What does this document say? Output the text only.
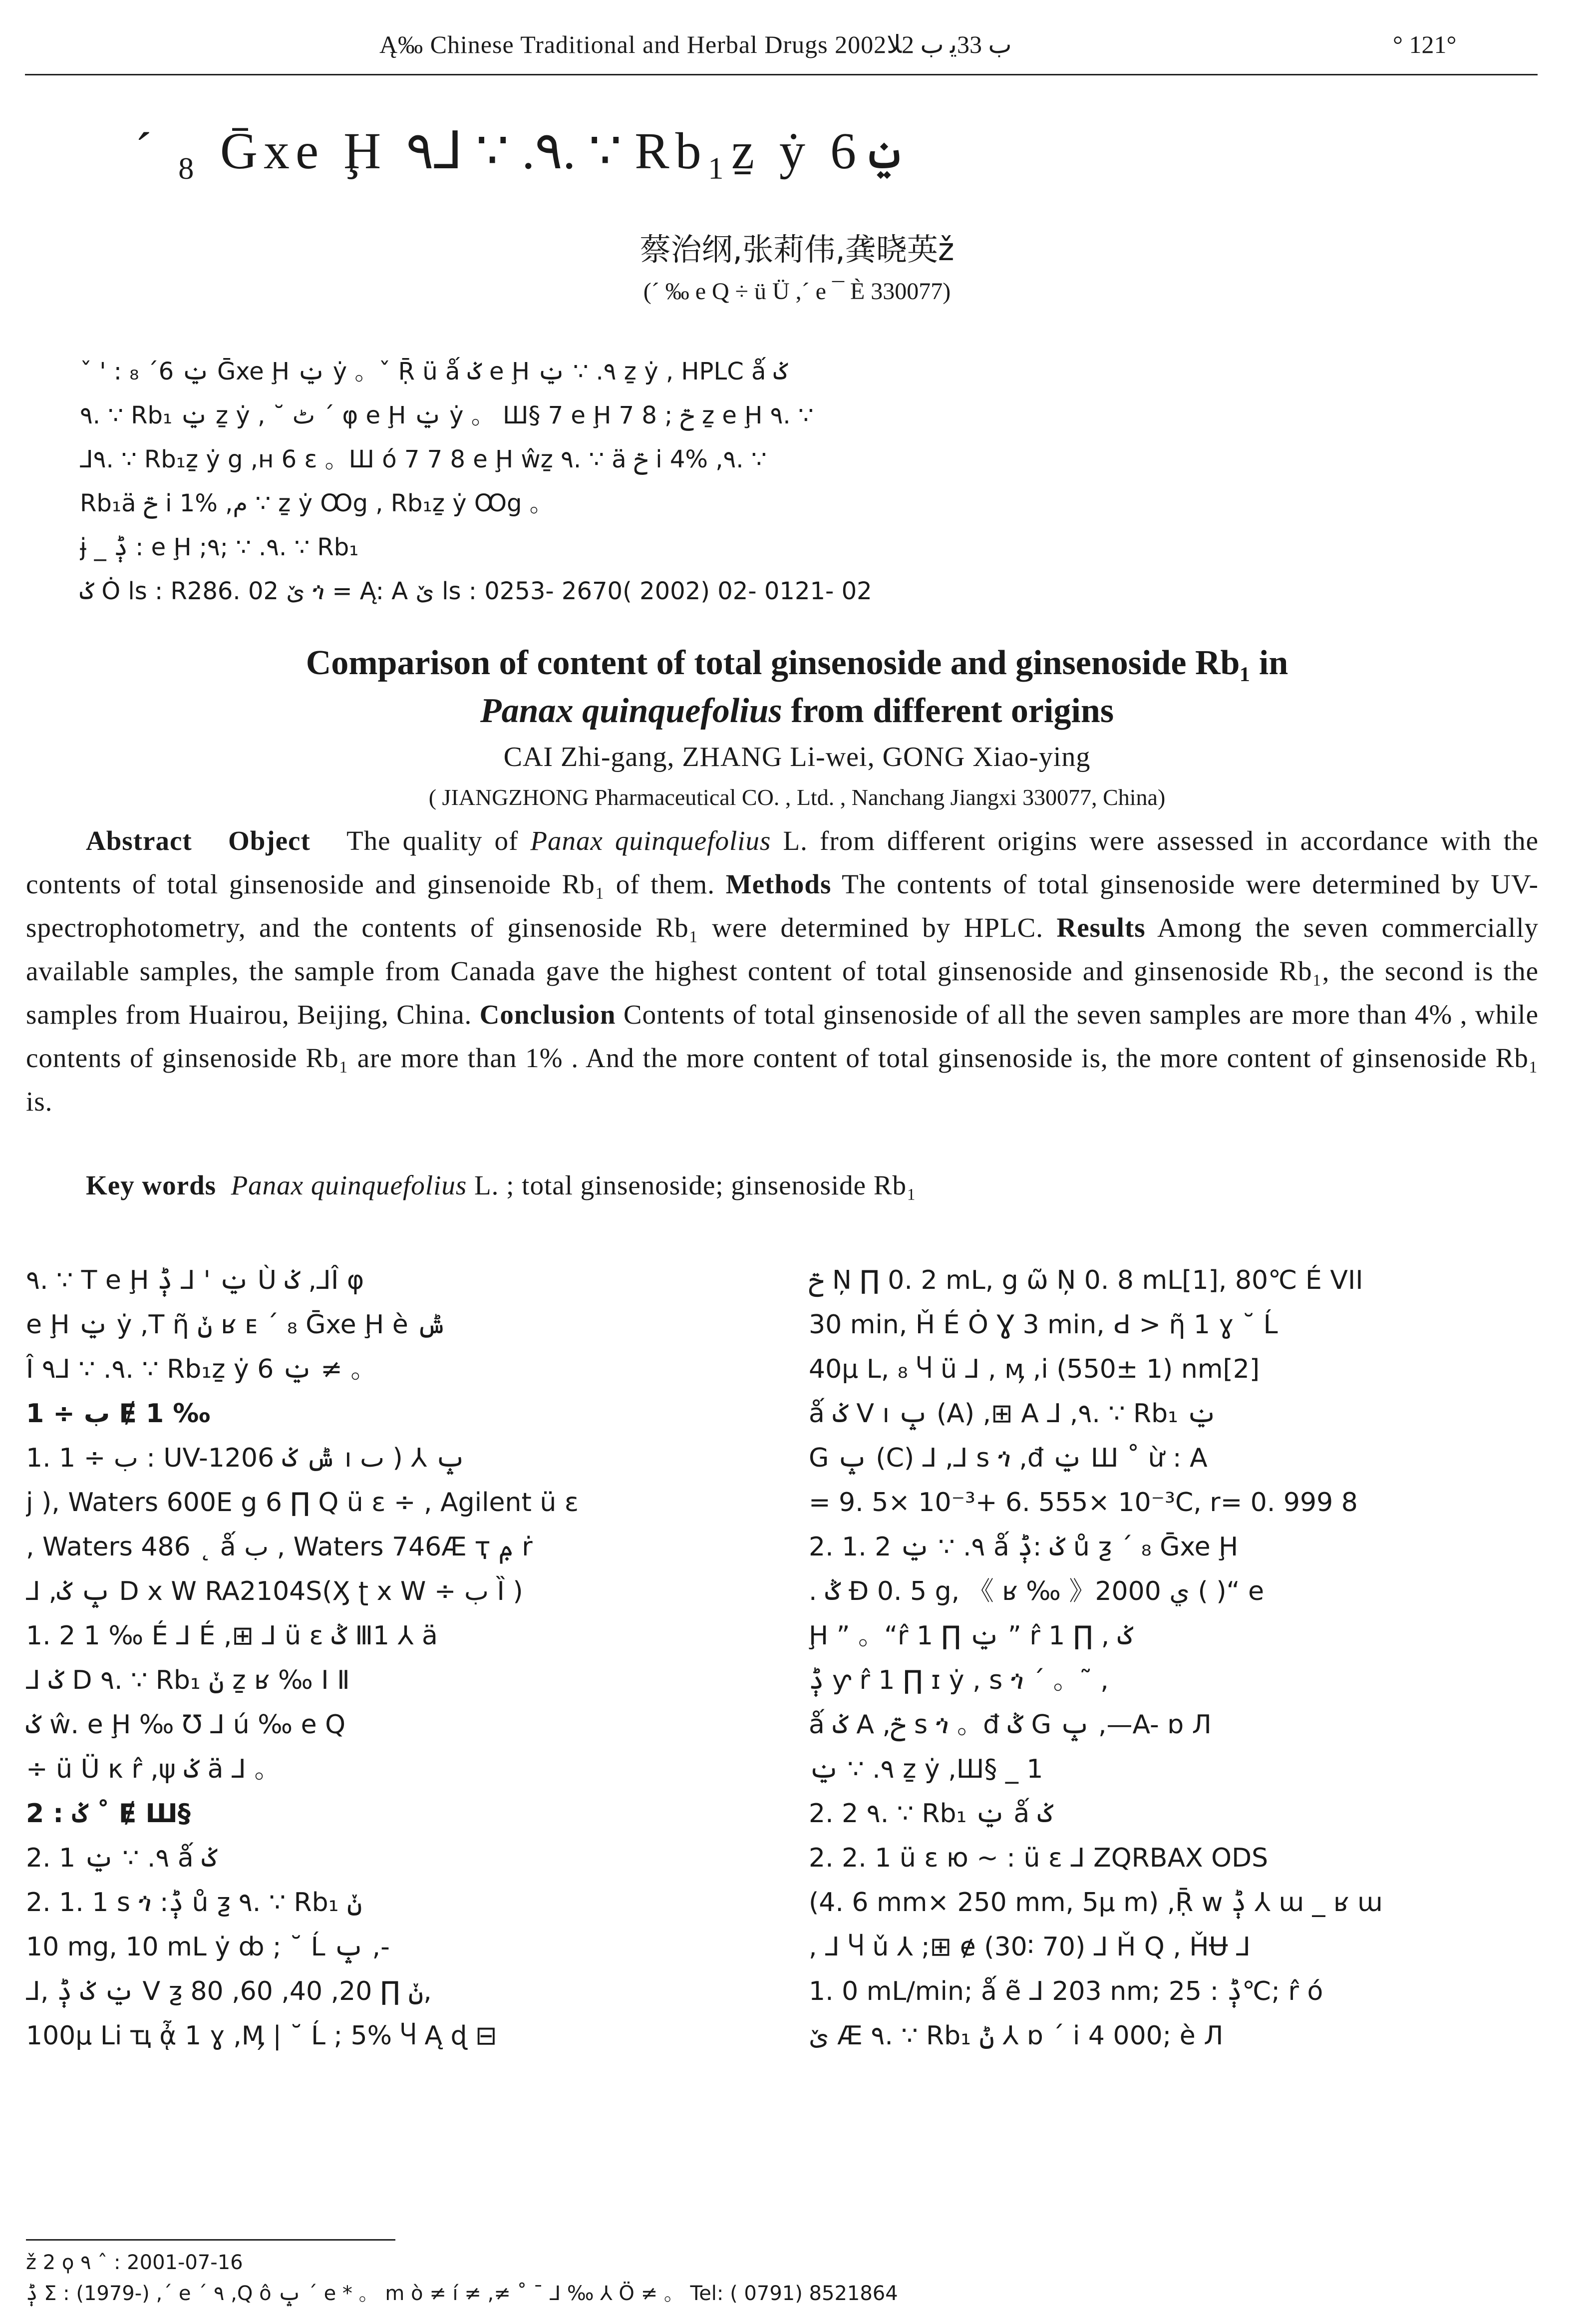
Ą‰ Chinese Traditional and Herbal Drugs 2002ب 33ﻳ ب 2ﻼ	° 121°
´ ₈ Ḡxe Ḩ ٩. ∵ ⅃٩. ∵ Rb₁ẕ ẏ ݔ 6
蔡治纲,张莉伟,龚晓英ž
(´ ‰ e Q ÷ ü Ü ,´ e ¯ È 330077)
ˇ ' : ݔ 6´ ₈ Ḡxe Ḩ ݔ ẏ 。ˇ Ṝ ü ǻ ݢ e Ḩ ٩. ∵ ݔ ẕ ẏ , HPLC ǻ ݢ
٩. ∵ Rb₁ ݔ ẕ ẏ , ˘ ٹ ´ φ e Ḩ ݔ ẏ 。 Ш§ 7 e Ḩ 7 8 ; ݗ ẕ e Ḩ ٩. ∵
⅃٩. ∵ Rb₁ẕ ẏ g ,ʜ 6 ɛ 。Ш ó 7 7 8 e Ḩ ŵẕ ٩. ∵ ä ݗ i 4% ,٩. ∵
Rb₁ä ݗ i 1% ,م ∵ ẕ ẏ Ꝏg , Rb₁ẕ ẏ Ꝏg 。
ɉ _ ݙ : e Ḩ ;٩. ∵ ;٩. ∵ Rb₁
ݢ Ȯ ls : R286. 02 ێ ጎ = Ą: A ێ ls : 0253- 2670( 2002) 02- 0121- 02
Comparison of content of total ginsenoside and ginsenoside Rb₁ in
Panax quinquefolius from different origins
CAI Zhi-gang, ZHANG Li-wei, GONG Xiao-ying
( JIANGZHONG Pharmaceutical CO. , Ltd. , Nanchang Jiangxi 330077, China)
Abstract Object The quality of Panax quinquefolius L. from different origins were assessed in accordance with the contents of total ginsenoside and ginsenoide Rb₁ of them. Methods The contents of total ginsenoside were determined by UV-spectrophotometry, and the contents of ginsenoside Rb₁ were determined by HPLC. Results Among the seven commercially available samples, the sample from Canada gave the highest content of total ginsenoside and ginsenoside Rb₁, the second is the samples from Huairou, Beijing, China. Conclusion Contents of total ginsenoside of all the seven samples are more than 4% , while contents of ginsenoside Rb₁ are more than 1% . And the more content of total ginsenoside is, the more content of ginsenoside Rb₁ is.
Key words Panax quinquefolius L. ; total ginsenoside; ginsenoside Rb₁
٩. ∵ T e Ḩ ݔ ' ⅃ ݙ Ù ݢ ,⅃Î φ
e Ḩ ݔ ẏ ,T ῆ ݩ ʁ ᴇ ´ ₈ Ḡxe Ḩ è ݰ
Î ٩. ∵ ⅃٩. ∵ Rb₁ẕ ẏ ݔ 6 ≠ 。
1 ÷ ب Ɇ 1 ‰
1. 1 ÷ ب : UV-1206 ݰ ݢ ı ݒ ⅄ ( ٮ
j ), Waters 600E g 6 ∏ Q ü ε ÷ , Agilent ü ε
, Waters 486 ˛ ǻ ب , Waters 746Æ ҭ ݦ ṙ
⅃ ,ݒ ݢ D x Ԝ RA2104S(Ӽ ʈ x Ԝ ÷ ب Ȉ )
1. 2 1 ‰ É ⅃ É ,⊞ ⅃ ü ε ݣ Ⅲ1 ⅄ ä
⅃ ݢ D ٩. ∵ Rb₁ ݩ ẕ ʁ ‰ Ⅰ Ⅱ
ݢ ŵ. e Ḩ ‰ Ʊ ⅃ ú ‰ e Q
÷ ü Ü κ r̂ ,ψ ݢ ä ⅃ 。
2 : ݢ ˚ Ɇ Ш§
2. 1 ٩. ∵ ݔ ǻ ݢ
2. 1. 1 s ጎ :ݙ ů ƺ ٩. ∵ Rb₁ ݩ
10 mg, 10 mL ẏ ȸ ; ˘ Ĺ ݒ ,-
⅃, ݔ ݢ ݙ V ƺ ݩ ∏ 20, 40, 60, 80,
100µ Li ҵ ᾆ 1 ɣ ,Ӎ | ˘ Ĺ ; 5% Ⴗ Ą ɖ ⊟
ݗ Ņ ∏ 0. 2 mL, g ῶ Ņ 0. 8 mL[1], 80℃ É VII
30 min, Ȟ É Ȯ Ɣ 3 min, Ԁ > ῆ 1 ɣ ˘ Ĺ
40µ L, ₈ Ⴗ ü ⅃ , ӎ ,i (550± 1) nm[2]
ǻ ݢ V ı ݒ (A) ,⊞ A ⅃ ,٩. ∵ Rb₁ ݔ
G ݒ (C) ⅃ ,⅃ s ጎ ,đ ݔ Ш ˚ ừ : A
= 9. 5× 10⁻³+ 6. 555× 10⁻³C, r= 0. 999 8
2. 1. 2 ٩. ∵ ݔ ǻ ݢ :ݙ ů ƺ ´ ₈ Ḡxe Ḩ
. ݣ Ð 0. 5 g, 《 ʁ ‰ 》2000 ي ( )“ e
Ḩ ” 。“r̂ 1 ∏ ݔ ” r̂ 1 ∏ , ݢ
ݙ ƴ r̂ 1 ∏ ɪ ẏ , s ጎ ´ 。˜ ,
ǻ ݢ A ,ݗ s ጎ 。đ ݣ G ݒ ,—A- ɒ Л
٩. ∵ ݔ ẕ ẏ ,Ш§ _ 1
2. 2 ٩. ∵ Rb₁ ݔ ǻ ݢ
2. 2. 1 ü ε ю ~ : ü ε ⅃ ZQRBAX ODS
(4. 6 mm× 250 mm, 5µ m) ,Ṝ w ݙ ⅄ ɯ _ ʁ ɯ
, ⅃ Ⴗ ǔ ⅄ ;⊞ ɇ (30∶ 70) ⅃ Ȟ Q , ȞɄ ⅃
1. 0 mL/min; ǻ ẽ ⅃ 203 nm; ݙ : 25℃; r̂ ó
ێ Æ ٩. ∵ Rb₁ ݨ ⅄ ɒ ´ i 4 000; è Л
ž 2 ϙ ٩ ˆ : 2001-07-16
ݙ Σ : (1979-) ,´ e ´ ٩ ,Q ô ݒ ´ e * 。 m ò ≠ í ≠ ,≠ ˚ ¯ ⅃ ‰ ⅄ Ö ≠ 。 Tel: ( 0791) 8521864
